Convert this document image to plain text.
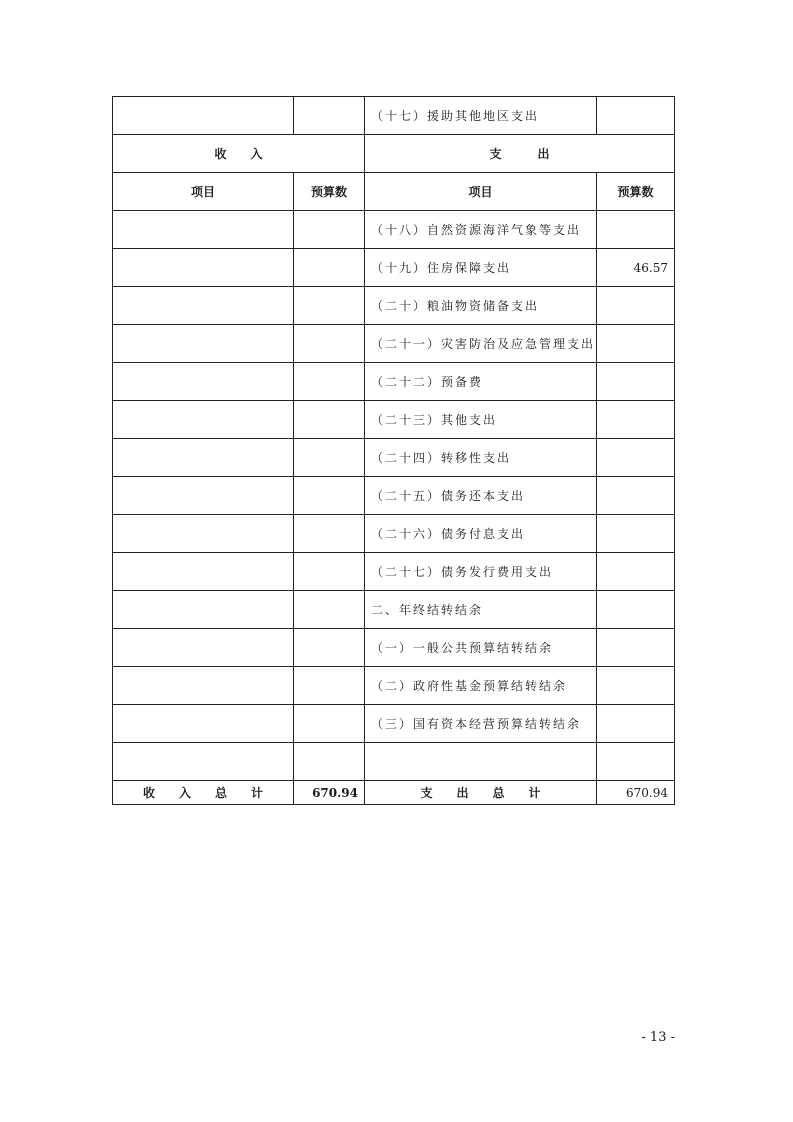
		（十七）援助其他地区支出	
收　　入		支　　　出	
项目	预算数	项目	预算数
		（十八）自然资源海洋气象等支出	
		（十九）住房保障支出	46.57
		（二十）粮油物资储备支出	
		（二十一）灾害防治及应急管理支出	
		（二十二）预备费	
		（二十三）其他支出	
		（二十四）转移性支出	
		（二十五）债务还本支出	
		（二十六）债务付息支出	
		（二十七）债务发行费用支出	
		二、年终结转结余	
		（一）一般公共预算结转结余	
		（二）政府性基金预算结转结余	
		（三）国有资本经营预算结转结余	

收　　入　　总　　计	670.94	支　　出　　总　　计	670.94
- 13 -
